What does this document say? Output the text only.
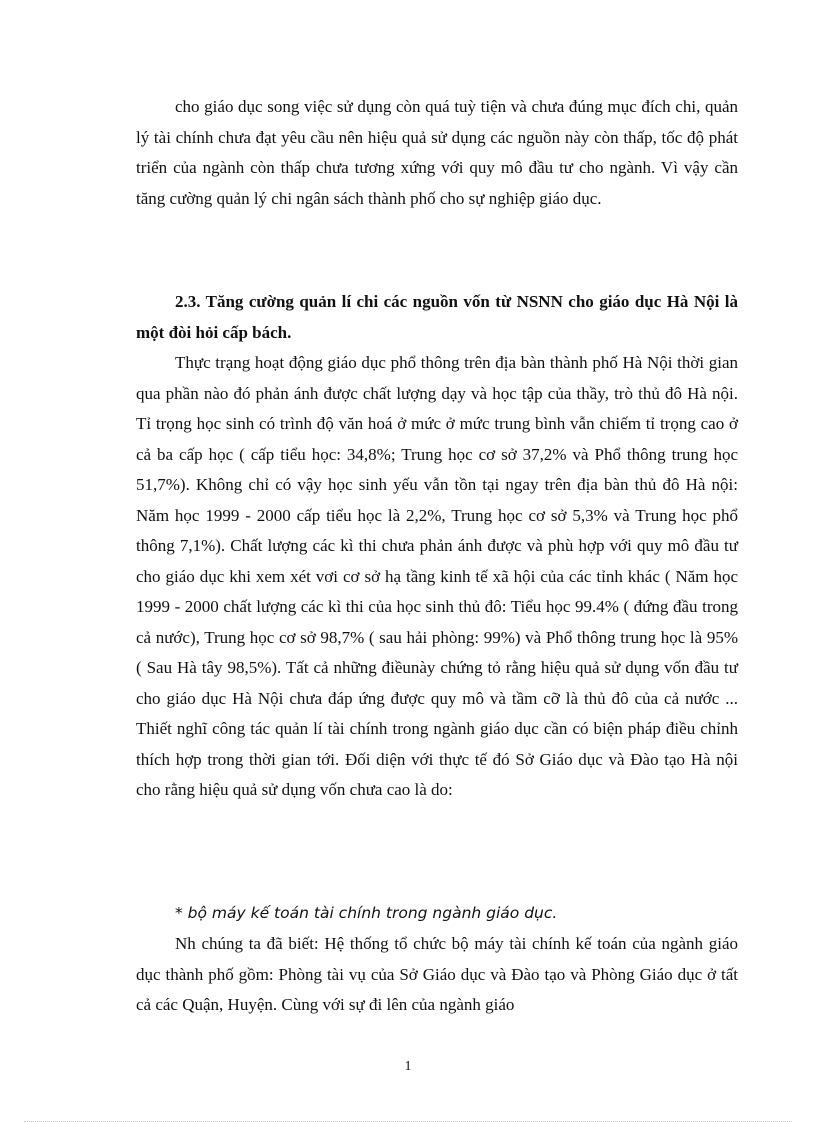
cho giáo dục song việc sử dụng còn quá tuỳ tiện và chưa đúng mục đích chi, quản lý tài chính chưa đạt yêu cầu nên hiệu quả sử dụng các nguồn này còn thấp, tốc độ phát triển của ngành còn thấp chưa tương xứng với quy mô đầu tư cho ngành. Vì vậy cần tăng cường quản lý chi ngân sách thành phố cho sự nghiệp giáo dục.

2.3. Tăng cường quản lí chi các nguồn vốn từ NSNN cho giáo dục Hà Nội là một đòi hỏi cấp bách.

Thực trạng hoạt động giáo dục phổ thông trên địa bàn thành phố Hà Nội thời gian qua phần nào đó phản ánh được chất lượng dạy và học tập của thầy, trò thủ đô Hà nội. Tỉ trọng học sinh có trình độ văn hoá ở mức ở mức trung bình vẫn chiếm tỉ trọng cao ở cả ba cấp học ( cấp tiểu học: 34,8%; Trung học cơ sở 37,2% và Phổ thông trung học 51,7%). Không chỉ có vậy học sinh yếu vẫn tồn tại ngay trên địa bàn thủ đô Hà nội: Năm học 1999 - 2000 cấp tiểu học là 2,2%, Trung học cơ sở 5,3% và Trung học phổ thông 7,1%). Chất lượng các kì thi chưa phản ánh được và phù hợp với quy mô đầu tư cho giáo dục khi xem xét vơi cơ sở hạ tầng kinh tế xã hội của các tỉnh khác ( Năm học 1999 - 2000 chất lượng các kì thi của học sinh thủ đô: Tiểu học 99.4% ( đứng đầu trong cả nước), Trung học cơ sở 98,7% ( sau hải phòng: 99%) và Phổ thông trung học là 95% ( Sau Hà tây 98,5%). Tất cả những điềunày chứng tỏ rằng hiệu quả sử dụng vốn đầu tư cho giáo dục Hà Nội chưa đáp ứng được quy mô và tầm cỡ là thủ đô của cả nước ... Thiết nghĩ công tác quản lí tài chính trong ngành giáo dục cần có biện pháp điều chỉnh thích hợp trong thời gian tới. Đối diện với thực tế đó Sở Giáo dục và Đào tạo Hà nội cho rằng hiệu quả sử dụng vốn chưa cao là do:

* bộ máy kế toán tài chính trong ngành giáo dục.

Nh chúng ta đã biết: Hệ thống tổ chức bộ máy tài chính kế toán của ngành giáo dục thành phố gồm: Phòng tài vụ của Sở Giáo dục và Đào tạo và Phòng Giáo dục ở tất cả các Quận, Huyện. Cùng với sự đi lên của ngành giáo

1
